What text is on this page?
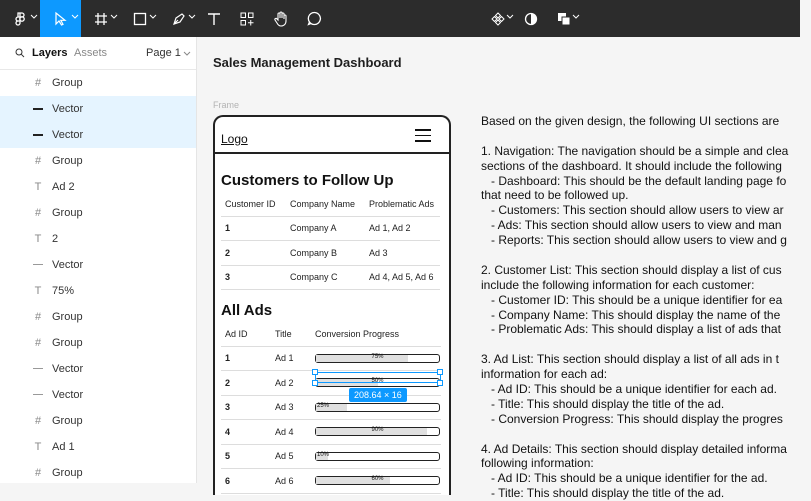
Layers Assets	Page 1
# Group
Vector
Vector
# Group
T Ad 2
# Group
T 2
Vector
T 75%
# Group
# Group
Vector
Vector
# Group
T Ad 1
# Group
Sales Management Dashboard
Frame
Logo
Customers to Follow Up
Customer ID	Company Name	Problematic Ads
1	Company A	Ad 1, Ad 2
2	Company B	Ad 3
3	Company C	Ad 4, Ad 5, Ad 6
All Ads
Ad ID	Title	Conversion Progress
1	Ad 1	75%

2	Ad 2	50%

3	Ad 3	25%

4	Ad 4	90%

5	Ad 5	10%

6	Ad 6	60%
208.64 × 16
Based on the given design, the following UI sections are
1. Navigation: The navigation should be a simple and clea
sections of the dashboard. It should include the following
- Dashboard: This should be the default landing page fo
that need to be followed up.
- Customers: This section should allow users to view ar
- Ads: This section should allow users to view and man
- Reports: This section should allow users to view and g
2. Customer List: This section should display a list of cus
include the following information for each customer:
- Customer ID: This should be a unique identifier for ea
- Company Name: This should display the name of the
- Problematic Ads: This should display a list of ads that
3. Ad List: This section should display a list of all ads in t
information for each ad:
- Ad ID: This should be a unique identifier for each ad.
- Title: This should display the title of the ad.
- Conversion Progress: This should display the progres
4. Ad Details: This section should display detailed informa
following information:
- Ad ID: This should be a unique identifier for the ad.
- Title: This should display the title of the ad.
